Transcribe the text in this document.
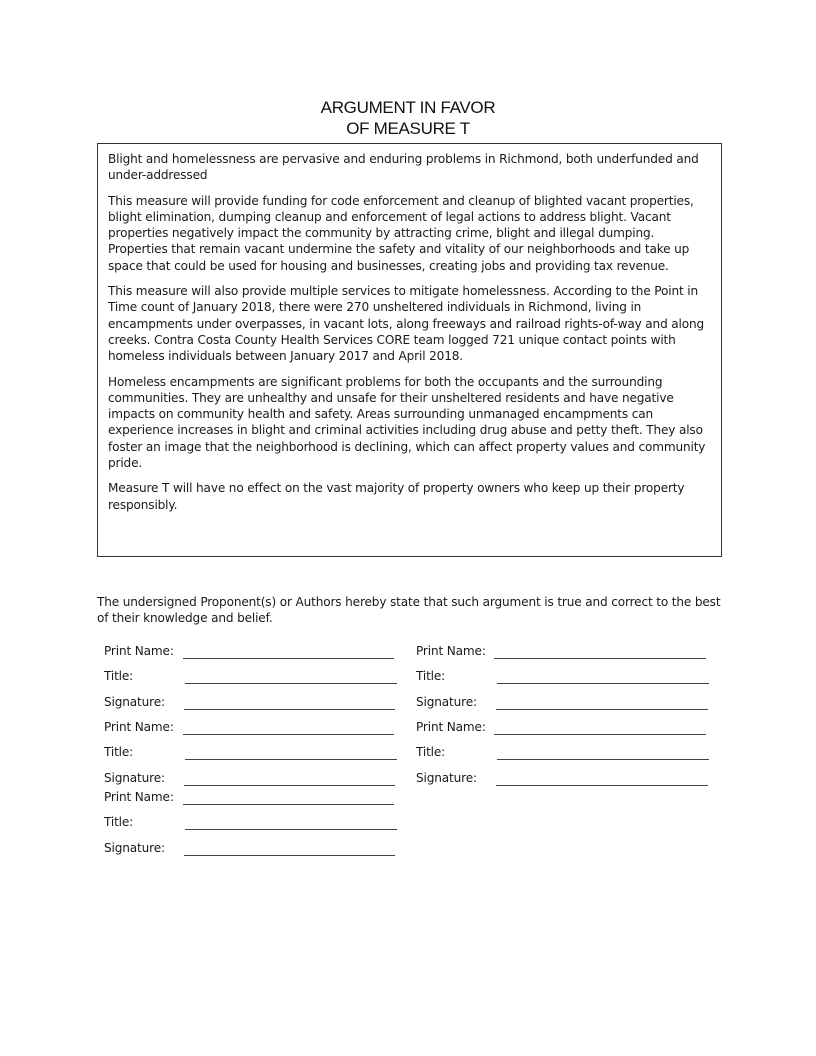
ARGUMENT IN FAVOR
OF MEASURE T

Blight and homelessness are pervasive and enduring problems in Richmond, both underfunded and under-addressed

This measure will provide funding for code enforcement and cleanup of blighted vacant properties, blight elimination, dumping cleanup and enforcement of legal actions to address blight. Vacant properties negatively impact the community by attracting crime, blight and illegal dumping. Properties that remain vacant undermine the safety and vitality of our neighborhoods and take up space that could be used for housing and businesses, creating jobs and providing tax revenue.

This measure will also provide multiple services to mitigate homelessness. According to the Point in Time count of January 2018, there were 270 unsheltered individuals in Richmond, living in encampments under overpasses, in vacant lots, along freeways and railroad rights-of-way and along creeks. Contra Costa County Health Services CORE team logged 721 unique contact points with homeless individuals between January 2017 and April 2018.

Homeless encampments are significant problems for both the occupants and the surrounding communities. They are unhealthy and unsafe for their unsheltered residents and have negative impacts on community health and safety. Areas surrounding unmanaged encampments can experience increases in blight and criminal activities including drug abuse and petty theft. They also foster an image that the neighborhood is declining, which can affect property values and community pride.

Measure T will have no effect on the vast majority of property owners who keep up their property responsibly.

The undersigned Proponent(s) or Authors hereby state that such argument is true and correct to the best of their knowledge and belief.

Print Name:
Title:
Signature:
Print Name:
Title:
Signature:
Print Name:
Title:
Signature:
Print Name:
Title:
Signature:
Print Name:
Title:
Signature:
